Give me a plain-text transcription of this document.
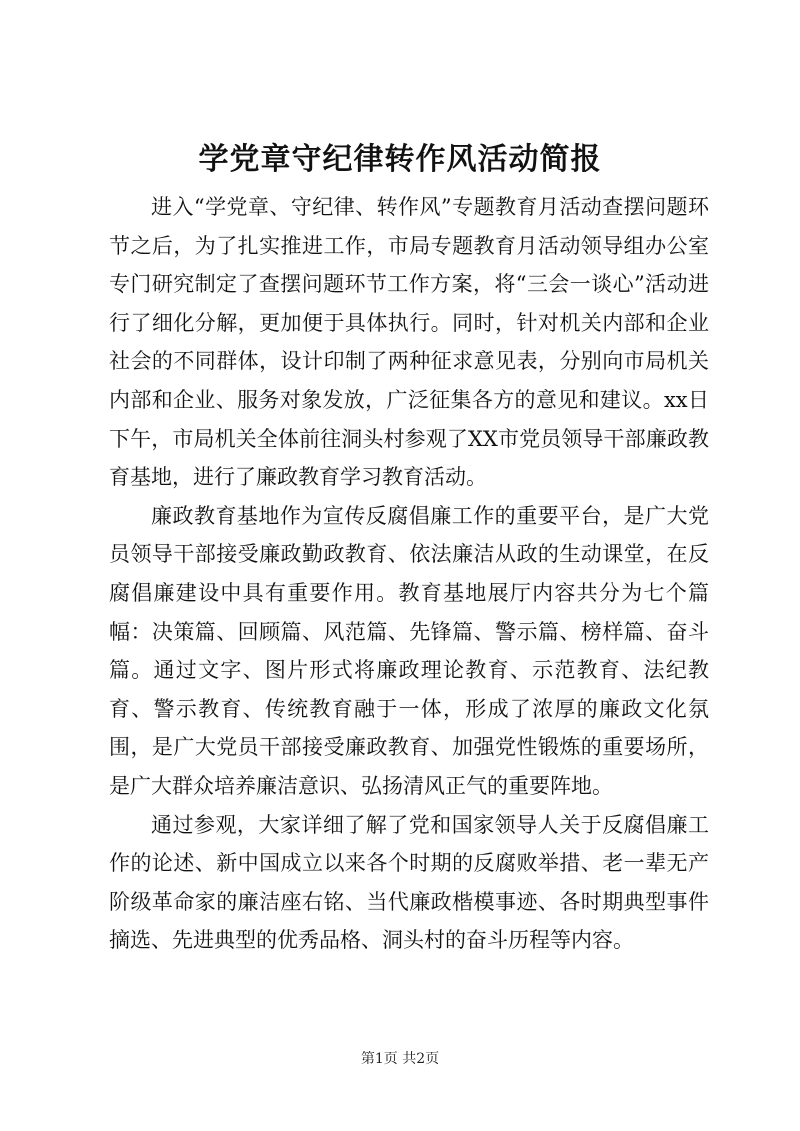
学党章守纪律转作风活动简报

进入“学党章、守纪律、转作风”专题教育月活动查摆问题环节之后，为了扎实推进工作，市局专题教育月活动领导组办公室专门研究制定了查摆问题环节工作方案，将“三会一谈心”活动进行了细化分解，更加便于具体执行。同时，针对机关内部和企业社会的不同群体，设计印制了两种征求意见表，分别向市局机关内部和企业、服务对象发放，广泛征集各方的意见和建议。xx日下午，市局机关全体前往洞头村参观了XX市党员领导干部廉政教育基地，进行了廉政教育学习教育活动。

廉政教育基地作为宣传反腐倡廉工作的重要平台，是广大党员领导干部接受廉政勤政教育、依法廉洁从政的生动课堂，在反腐倡廉建设中具有重要作用。教育基地展厅内容共分为七个篇幅：决策篇、回顾篇、风范篇、先锋篇、警示篇、榜样篇、奋斗篇。通过文字、图片形式将廉政理论教育、示范教育、法纪教育、警示教育、传统教育融于一体，形成了浓厚的廉政文化氛围，是广大党员干部接受廉政教育、加强党性锻炼的重要场所，是广大群众培养廉洁意识、弘扬清风正气的重要阵地。

通过参观，大家详细了解了党和国家领导人关于反腐倡廉工作的论述、新中国成立以来各个时期的反腐败举措、老一辈无产阶级革命家的廉洁座右铭、当代廉政楷模事迹、各时期典型事件摘选、先进典型的优秀品格、洞头村的奋斗历程等内容。

第1页 共2页
